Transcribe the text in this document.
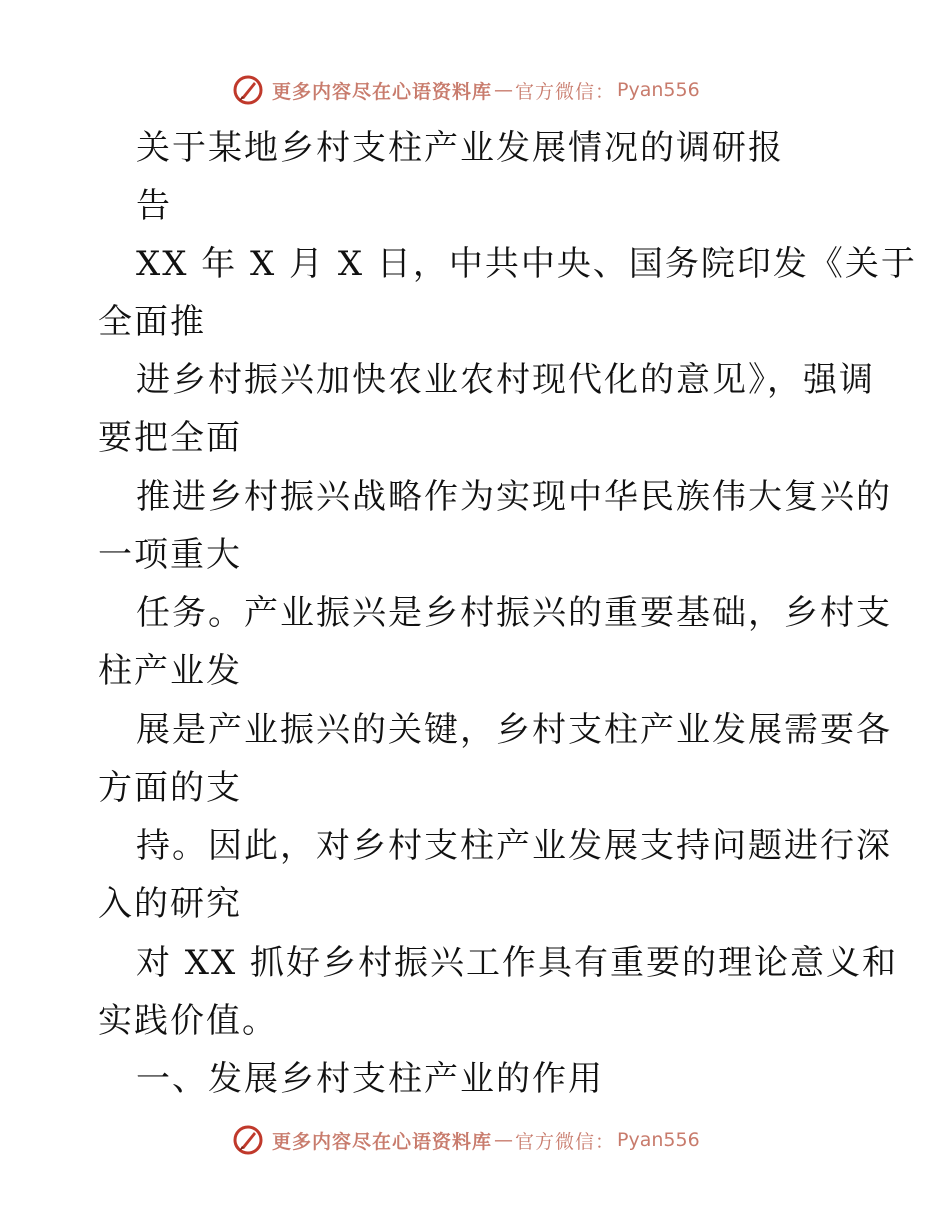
更多内容尽在心语资料库 — 官方微信： Pyan556
关于某地乡村支柱产业发展情况的调研报
告
XX 年 X 月 X 日，中共中央、国务院印发《关于
全面推
进乡村振兴加快农业农村现代化的意见》，强调
要把全面
推进乡村振兴战略作为实现中华民族伟大复兴的
一项重大
任务。产业振兴是乡村振兴的重要基础，乡村支
柱产业发
展是产业振兴的关键，乡村支柱产业发展需要各
方面的支
持。因此，对乡村支柱产业发展支持问题进行深
入的研究
对 XX 抓好乡村振兴工作具有重要的理论意义和
实践价值。
一、发展乡村支柱产业的作用
更多内容尽在心语资料库 — 官方微信： Pyan556
